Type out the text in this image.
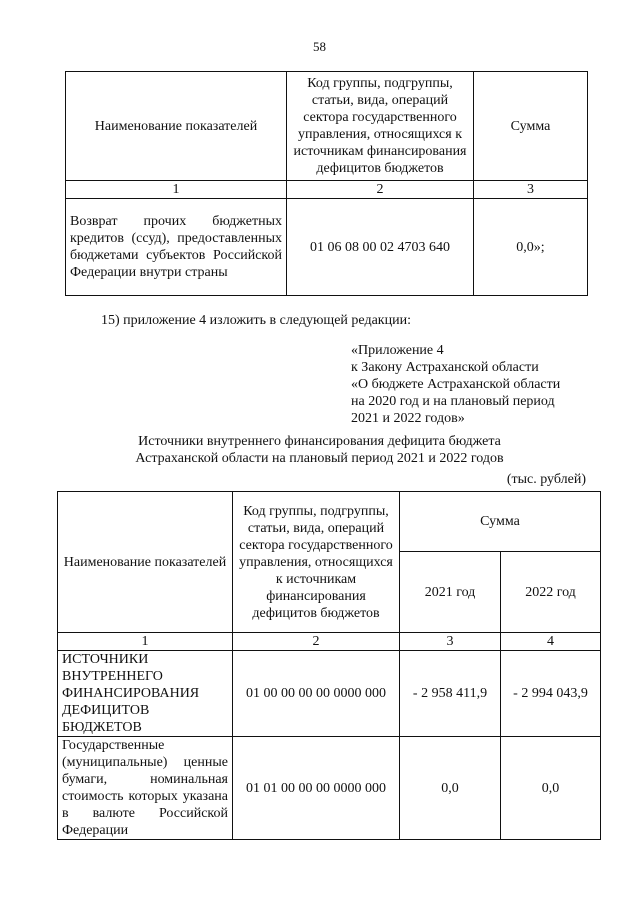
58
Наименование показателей	Код группы, подгруппы, статьи, вида, операций сектора государственного управления, относящихся к источникам финансирования дефицитов бюджетов	Сумма
1	2	3
Возврат прочих бюджетных кредитов (ссуд), предоставленных бюджетами субъектов Российской Федерации внутри страны	01 06 08 00 02 4703 640	0,0»;
15) приложение 4 изложить в следующей редакции:
«Приложение 4
к Закону Астраханской области
«О бюджете Астраханской области
на 2020 год и на плановый период
2021 и 2022 годов»
Источники внутреннего финансирования дефицита бюджета
Астраханской области на плановый период 2021 и 2022 годов
(тыс. рублей)
Наименование показателей	Код группы, подгруппы, статьи, вида, операций сектора государственного управления, относящихся к источникам финансирования дефицитов бюджетов	Сумма	
		2021 год	2022 год
1	2	3	4
ИСТОЧНИКИ ВНУТРЕННЕГО ФИНАНСИРОВАНИЯ ДЕФИЦИТОВ БЮДЖЕТОВ	01 00 00 00 00 0000 000	- 2 958 411,9	- 2 994 043,9
Государственные (муниципальные) ценные бумаги, номинальная стоимость которых указана в валюте Российской Федерации	01 01 00 00 00 0000 000	0,0	0,0
